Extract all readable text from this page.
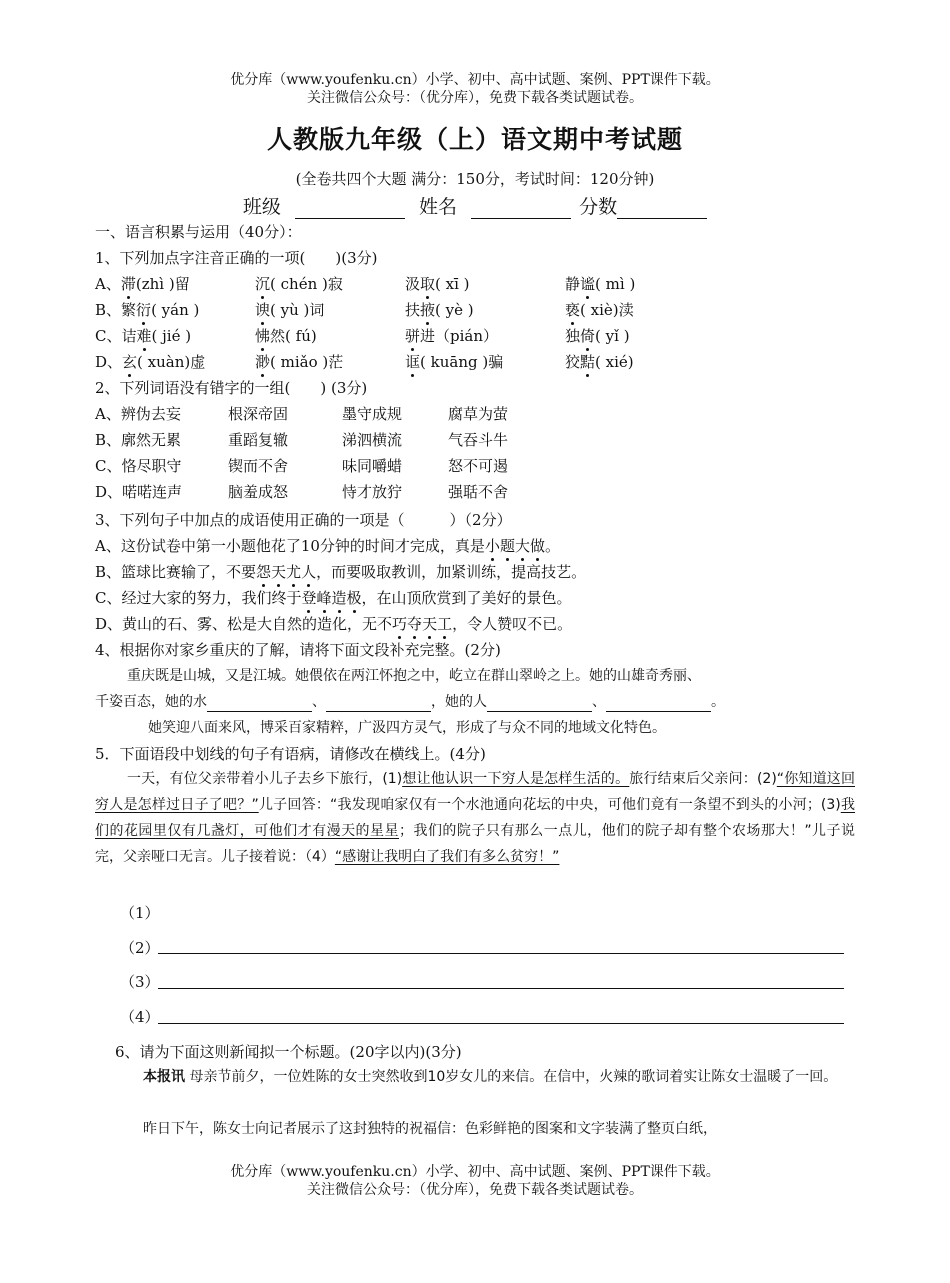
优分库（www.youfenku.cn）小学、初中、高中试题、案例、PPT课件下载。
关注微信公众号：（优分库），免费下载各类试题试卷。
人教版九年级（上）语文期中考试题
(全卷共四个大题 满分：150分，考试时间：120分钟)
班级	姓名	分数
一、语言积累与运用（40分）：
1、下列加点字注音正确的一项(　　)(3分)
A、滞(zhì )留	沉( chén )寂	汲取( xī )	静谧( mì )
B、繁衍( yán )	谀( yù )词	扶掖( yè )	亵( xiè)渎
C、诘难( jié )	怫然( fú)	骈进（pián）	独倚( yǐ )
D、玄( xuàn)虚	渺( miǎo )茫	诓( kuāng )骗	狡黠( xié)
2、下列词语没有错字的一组(　　) (3分)
A、辨伪去妄	根深帝固	墨守成规	腐草为萤
B、廓然无累	重蹈复辙	涕泗横流	气吞斗牛
C、恪尽职守	锲而不舍	味同嚼蜡	怒不可遏
D、喏喏连声	脑羞成怒	恃才放狞	强聒不舍
3、下列句子中加点的成语使用正确的一项是（　　　）（2分）
A、这份试卷中第一小题他花了10分钟的时间才完成，真是小题大做。
B、篮球比赛输了，不要怨天尤人，而要吸取教训，加紧训练，提高技艺。
C、经过大家的努力，我们终于登峰造极，在山顶欣赏到了美好的景色。
D、黄山的石、雾、松是大自然的造化，无不巧夺天工，令人赞叹不已。
4、根据你对家乡重庆的了解，请将下面文段补充完整。(2分)
重庆既是山城，又是江城。她偎依在两江怀抱之中，屹立在群山翠岭之上。她的山雄奇秀丽、
千姿百态，她的水	、	，她的人	、	。
她笑迎八面来风，博采百家精粹，广汲四方灵气，形成了与众不同的地域文化特色。
5．下面语段中划线的句子有语病，请修改在横线上。(4分)
一天，有位父亲带着小儿子去乡下旅行，(1)想让他认识一下穷人是怎样生活的。旅行结束后父亲问：(2)“你知道这回穷人是怎样过日子了吧？”儿子回答：“我发现咱家仅有一个水池通向花坛的中央，可他们竟有一条望不到头的小河；(3)我们的花园里仅有几盏灯，可他们才有漫天的星星；我们的院子只有那么一点儿，他们的院子却有整个农场那大！”儿子说完，父亲哑口无言。儿子接着说：（4）“感谢让我明白了我们有多么贫穷！”
（1）
（2）
（3）
（4）
6、请为下面这则新闻拟一个标题。(20字以内)(3分)
本报讯 母亲节前夕，一位姓陈的女士突然收到10岁女儿的来信。在信中，火辣的歌词着实让陈女士温暖了一回。
昨日下午，陈女士向记者展示了这封独特的祝福信：色彩鲜艳的图案和文字装满了整页白纸，
优分库（www.youfenku.cn）小学、初中、高中试题、案例、PPT课件下载。
关注微信公众号：（优分库），免费下载各类试题试卷。
